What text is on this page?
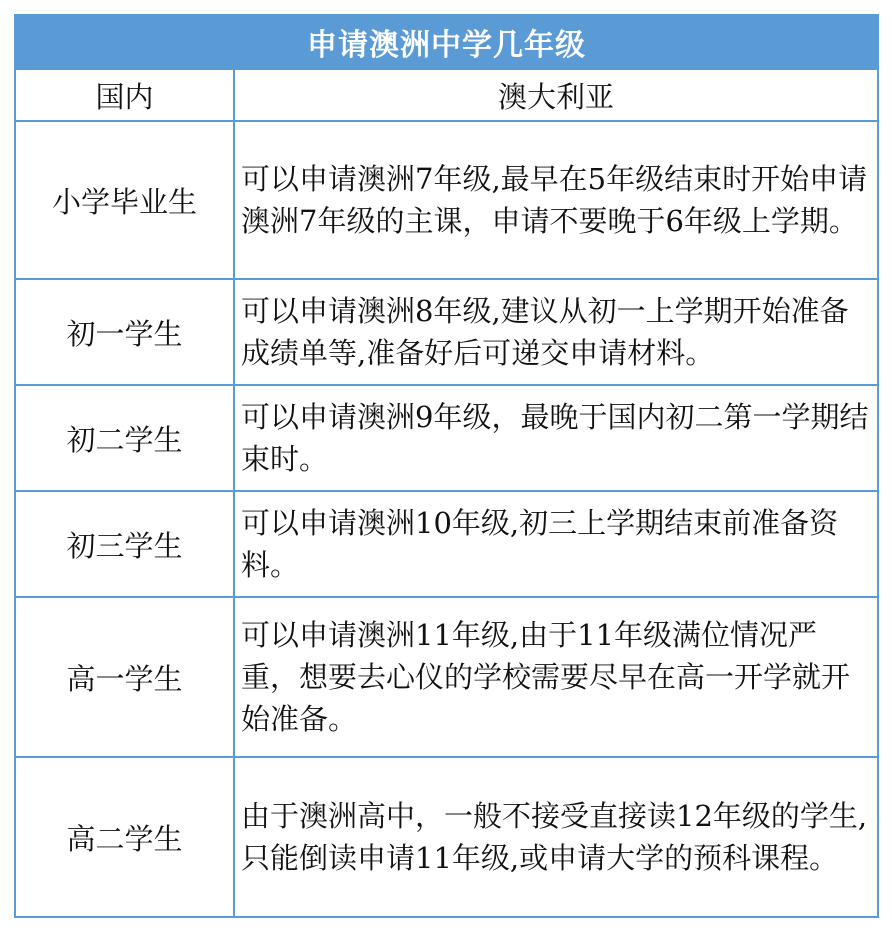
申请澳洲中学几年级	
国内	澳大利亚
小学毕业生	可以申请澳洲7年级,最早在5年级结束时开始申请澳洲7年级的主课，申请不要晚于6年级上学期。
初一学生	可以申请澳洲8年级,建议从初一上学期开始准备成绩单等,准备好后可递交申请材料。
初二学生	可以申请澳洲9年级，最晚于国内初二第一学期结束时。
初三学生	可以申请澳洲10年级,初三上学期结束前准备资料。
高一学生	可以申请澳洲11年级,由于11年级满位情况严重，想要去心仪的学校需要尽早在高一开学就开始准备。
高二学生	由于澳洲高中，一般不接受直接读12年级的学生,只能倒读申请11年级,或申请大学的预科课程。
